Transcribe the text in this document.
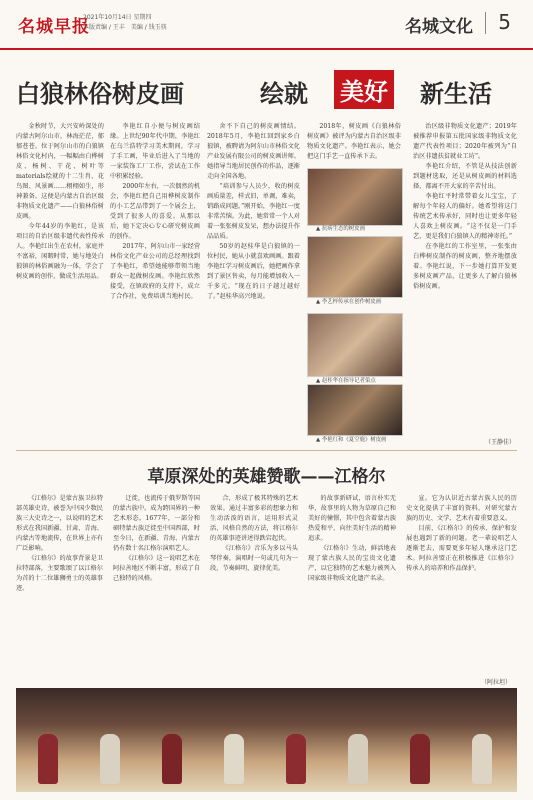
名城早报
2021年10月14日 星期四
本版责编 / 王丰　美编 / 钱玉筷	名城文化 5
白狼林俗树皮画	绘就 美好 新生活

金秋时节，大兴安岭深处的内蒙古阿尔山市，林海茫茫，郁郁苍苍。位于阿尔山市的白狼镇林俗文化村内，一幅幅由白桦树皮、杨树、干花、树叶等materials绘就的十二生肖、花鸟图、风景画……栩栩如生，形神兼备。这便是内蒙古自治区级非物质文化遗产——白狼林俗树皮画。

今年44岁的李艳红，是该项目的自治区级非遗代表性传承人。李艳红出生在农村，家庭并不富裕，闲暇时常，她与地处白狼镇的林俗画融为一体，学会了树皮画的创作，做成生活用品。

李艳红自小便与树皮画结缘。上世纪90年代中期，李艳红在乌兰浩特学习美术期间，学习了手工画，毕业后进入了当地的一家装饰工厂工作，尝试在工作中积累经验。

2000年左右，一次偶然的机会，李艳红把自己用桦树皮制作的小工艺品带到了一个展会上，受到了很多人的喜爱。从那以后，她下定决心专心研究树皮画的创作。

2017年，阿尔山市一家经营林俗文化产业公司的总经理找到了李艳红，希望她能够带领当地群众一起做树皮画。李艳红欣然接受，在镇政府的支持下，成立了合作社，免费培训当地村民。

舍不下自己的树皮画情结。2018年5月，李艳红回到家乡白狼镇，被聘请为阿尔山市林俗文化产业发展有限公司的树皮画讲师。她指导当地居民创作的作品，逐渐走向全国各地。

“培训参与人员少，收的树皮画质量差，样式旧，单调，难卖，销路成问题。”刚开始，李艳红一度非常苦恼。为此，她常常一个人对着一张张树皮发呆，想办法提升作品品质。

50岁的赵桂华是白狼镇的一位村民，她从小就喜欢画画。跟着李艳红学习树皮画后，她把画作拿到了景区售卖，每月能增加收入一千多元。“现在的日子越过越好了。”赵桂华高兴地说。

2018年，树皮画《白狼林俗树皮画》被评为内蒙古自治区级非物质文化遗产。李艳红表示，她会把这门手艺一直传承下去。

▲ 抗病生态的树皮画
▲ 李艺梓传承在创作树皮画
▲ 赵桂华在指导记者染点
▲ 李艳红和《夏空鹿》树皮画

治区级非物质文化遗产；2019年被推荐申报第五批国家级非物质文化遗产代表性项目；2020年被列为“自治区非遗扶贫就业工坊”。

李艳红介绍，不管是从技法创新到题材选取，还是从树皮画的材料选择，都离不开大家的辛苦付出。

李艳红平时常带着女儿宝宝，了解每个年轻人的偏好。她希望将这门传统艺术传承好，同时也让更多年轻人喜欢上树皮画。“这不仅是一门手艺，更是我们白狼镇人的精神寄托。”

在李艳红的工作室里，一张张由白桦树皮制作的树皮画，整齐地摆放着。李艳红说，下一步她打算开发更多树皮画产品，让更多人了解白狼林俗树皮画。

（王静佳）
草原深处的英雄赞歌——江格尔

《江格尔》是蒙古族卫拉特部英雄史诗，被誉为中国少数民族三大史诗之一，以说唱的艺术形式在我国新疆、甘肃、青海、内蒙古等地流传，在世界上亦有广泛影响。

《江格尔》的故事背景是卫拉特部落，主要歌颂了以江格尔为首的十二位雄狮勇士的英雄事迹。

迁徙，也流传于俄罗斯等国的蒙古族中。成为跨国界的一种艺术形态。1677年，一部分和硕特蒙古族迁徙至中国西部，时至今日，在新疆、青海、内蒙古仍有数十名江格尔演唱艺人。

《江格尔》这一说唱艺术在阿拉善地区不断丰富，形成了自己独特的风格。

合，形成了极其特殊的艺术效果。通过丰富多彩的想象力和生动活泼的语言，运用形式灵活、风格自然的方法，将江格尔的英雄事迹讲述得跌宕起伏。

《江格尔》音乐为多以马头琴伴奏，演唱时一句或几句为一段，节奏鲜明，旋律优美。

的故事新研试，语言朴实无华，故事里的人物为草原自己和美好的憧憬，其中包含着蒙古族热爱和平、向往美好生活的精神追求。

《江格尔》生动，鲜活地表现了蒙古族人民的宝贵文化遗产，以它独特的艺术魅力被列入国家级非物质文化遗产名录。

宣。它为认识近古蒙古族人民的历史文化提供了丰富的资料，对研究蒙古族的历史、文学、艺术有着重要意义。

目前，《江格尔》的传承、保护和发展也遇到了新的问题。老一辈说唱艺人逐渐老去，需要更多年轻人继承这门艺术。阿拉善盟正在积极推进《江格尔》传承人的培养和作品保护。

（阿拉坦）
